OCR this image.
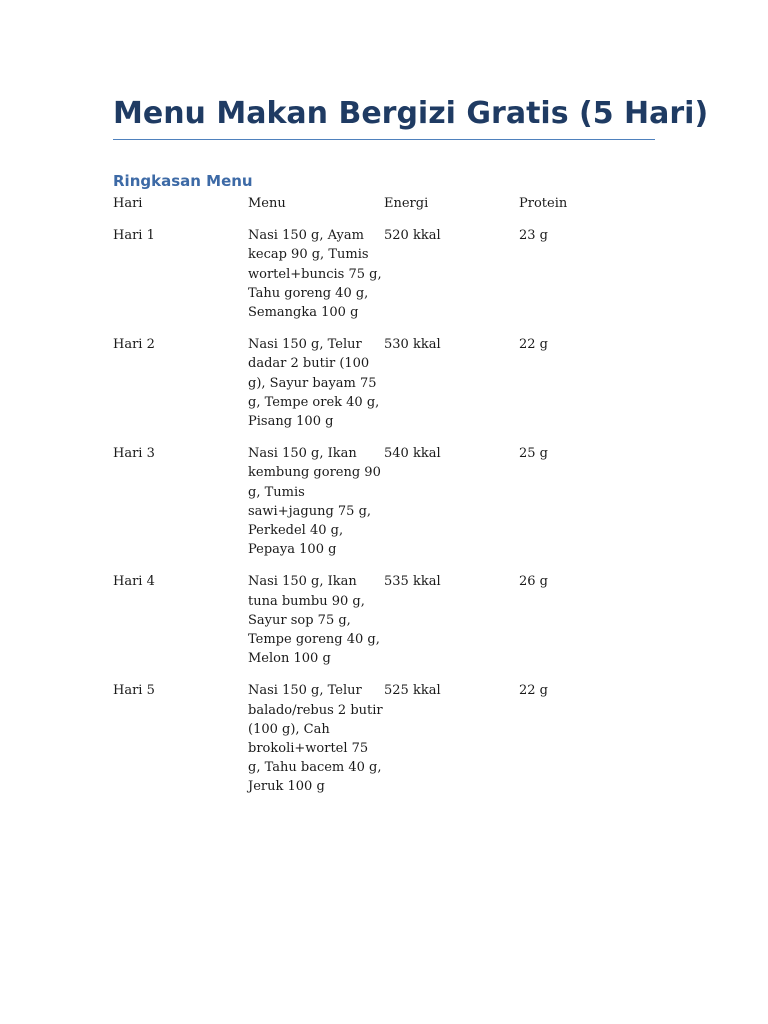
Menu Makan Bergizi Gratis (5 Hari)
Ringkasan Menu
Hari	Menu	Energi	Protein
Hari 1	Nasi 150 g, Ayam kecap 90 g, Tumis wortel+buncis 75 g, Tahu goreng 40 g, Semangka 100 g	520 kkal	23 g
Hari 2	Nasi 150 g, Telur dadar 2 butir (100 g), Sayur bayam 75 g, Tempe orek 40 g, Pisang 100 g	530 kkal	22 g
Hari 3	Nasi 150 g, Ikan kembung goreng 90 g, Tumis sawi+jagung 75 g, Perkedel 40 g, Pepaya 100 g	540 kkal	25 g
Hari 4	Nasi 150 g, Ikan tuna bumbu 90 g, Sayur sop 75 g, Tempe goreng 40 g, Melon 100 g	535 kkal	26 g
Hari 5	Nasi 150 g, Telur balado/rebus 2 butir (100 g), Cah brokoli+wortel 75 g, Tahu bacem 40 g, Jeruk 100 g	525 kkal	22 g
